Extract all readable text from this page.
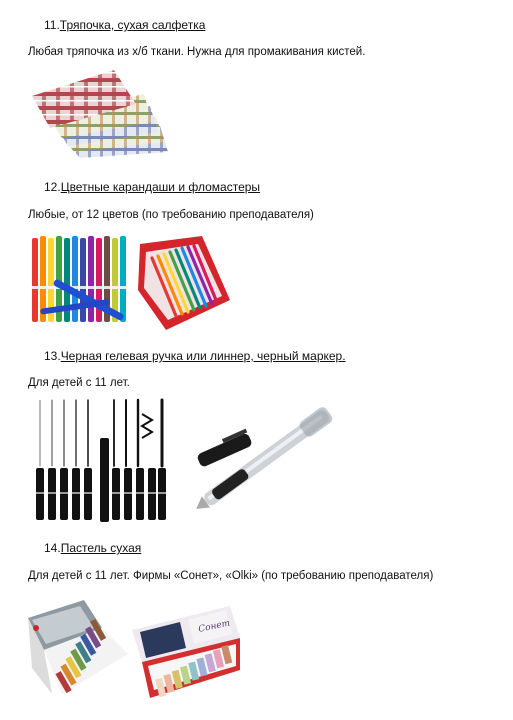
11.Тряпочка, сухая салфетка
Любая тряпочка из х/б ткани. Нужна для промакивания кистей.
12.Цветные карандаши и фломастеры
Любые, от 12 цветов (по требованию преподавателя)
13.Черная гелевая ручка или линнер, черный маркер.
Для детей с 11 лет.
14.Пастель сухая
Для детей с 11 лет. Фирмы «Сонет», «Olki» (по требованию преподавателя)
Сонет
